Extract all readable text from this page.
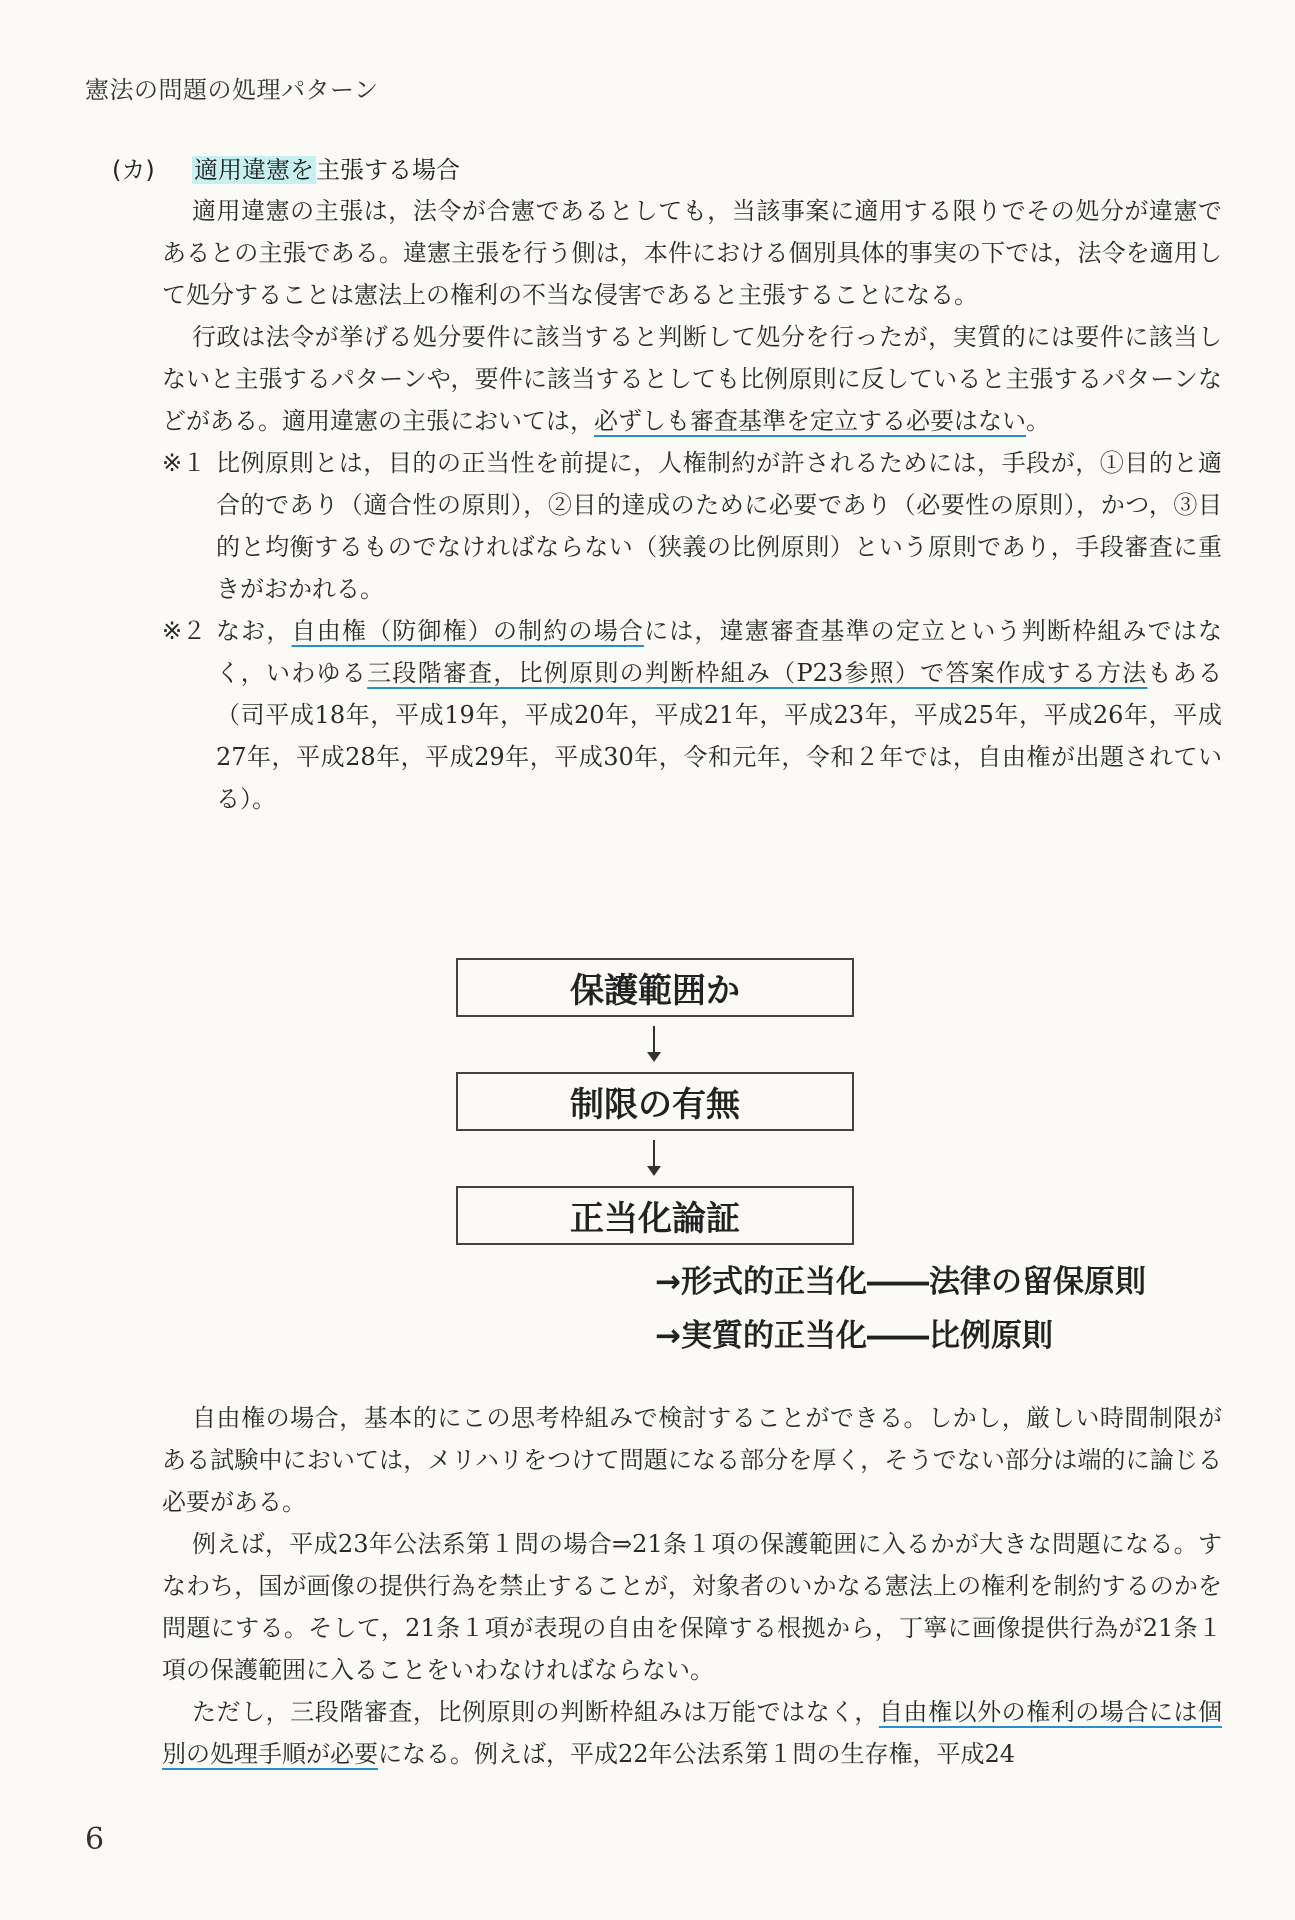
憲法の問題の処理パターン
(カ) 適用違憲を主張する場合

適用違憲の主張は，法令が合憲であるとしても，当該事案に適用する限りでその処分が違憲であるとの主張である。違憲主張を行う側は，本件における個別具体的事実の下では，法令を適用して処分することは憲法上の権利の不当な侵害であると主張することになる。

行政は法令が挙げる処分要件に該当すると判断して処分を行ったが，実質的には要件に該当しないと主張するパターンや，要件に該当するとしても比例原則に反していると主張するパターンなどがある。適用違憲の主張においては，必ずしも審査基準を定立する必要はない。

※１ 比例原則とは，目的の正当性を前提に，人権制約が許されるためには，手段が，①目的と適合的であり（適合性の原則），②目的達成のために必要であり（必要性の原則），かつ，③目的と均衡するものでなければならない（狭義の比例原則）という原則であり，手段審査に重きがおかれる。

※２ なお，自由権（防御権）の制約の場合には，違憲審査基準の定立という判断枠組みではなく，いわゆる三段階審査，比例原則の判断枠組み（P23参照）で答案作成する方法もある（司平成18年，平成19年，平成20年，平成21年，平成23年，平成25年，平成26年，平成27年，平成28年，平成29年，平成30年，令和元年，令和２年では，自由権が出題されている）。

保護範囲か
制限の有無
正当化論証
→形式的正当化――法律の留保原則
→実質的正当化――比例原則

自由権の場合，基本的にこの思考枠組みで検討することができる。しかし，厳しい時間制限がある試験中においては，メリハリをつけて問題になる部分を厚く，そうでない部分は端的に論じる必要がある。

例えば，平成23年公法系第１問の場合⇒21条１項の保護範囲に入るかが大きな問題になる。すなわち，国が画像の提供行為を禁止することが，対象者のいかなる憲法上の権利を制約するのかを問題にする。そして，21条１項が表現の自由を保障する根拠から，丁寧に画像提供行為が21条１項の保護範囲に入ることをいわなければならない。

ただし，三段階審査，比例原則の判断枠組みは万能ではなく，自由権以外の権利の場合には個別の処理手順が必要になる。例えば，平成22年公法系第１問の生存権，平成24

6
